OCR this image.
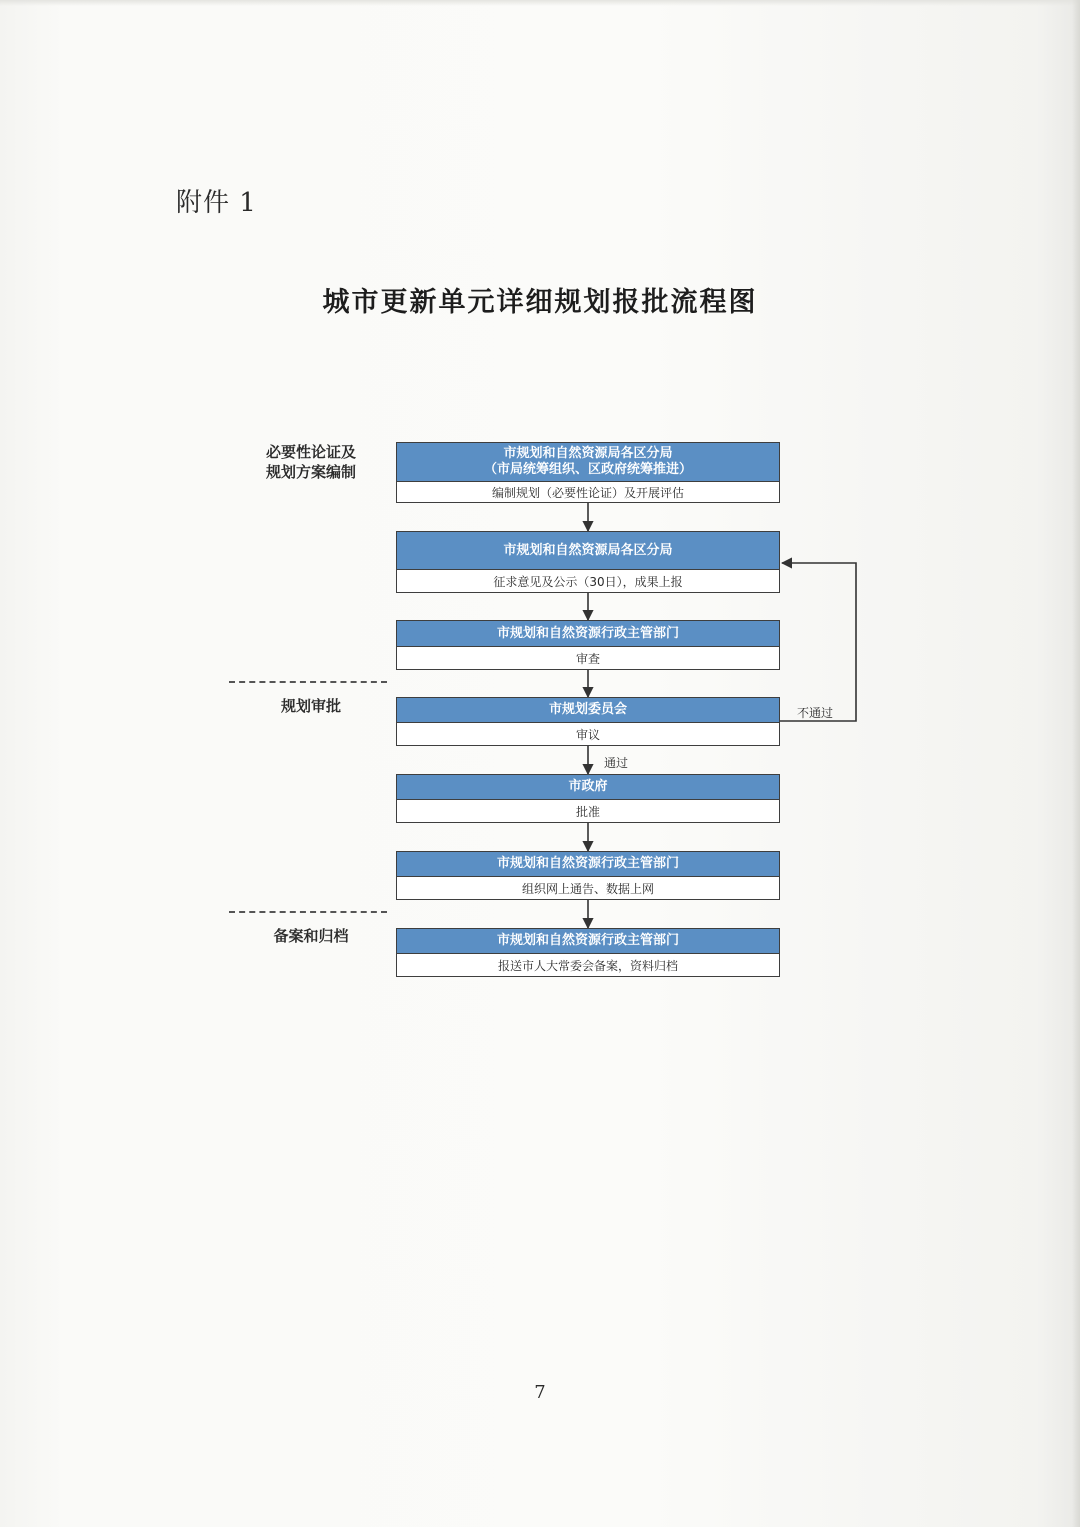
附件 1
城市更新单元详细规划报批流程图
必要性论证及
规划方案编制
规划审批
备案和归档
市规划和自然资源局各区分局
（市局统筹组织、区政府统筹推进）
编制规划（必要性论证）及开展评估
市规划和自然资源局各区分局
征求意见及公示（30日），成果上报
市规划和自然资源行政主管部门
审查
市规划委员会
审议
市政府
批准
市规划和自然资源行政主管部门
组织网上通告、数据上网
市规划和自然资源行政主管部门
报送市人大常委会备案，资料归档
不通过
通过
7
